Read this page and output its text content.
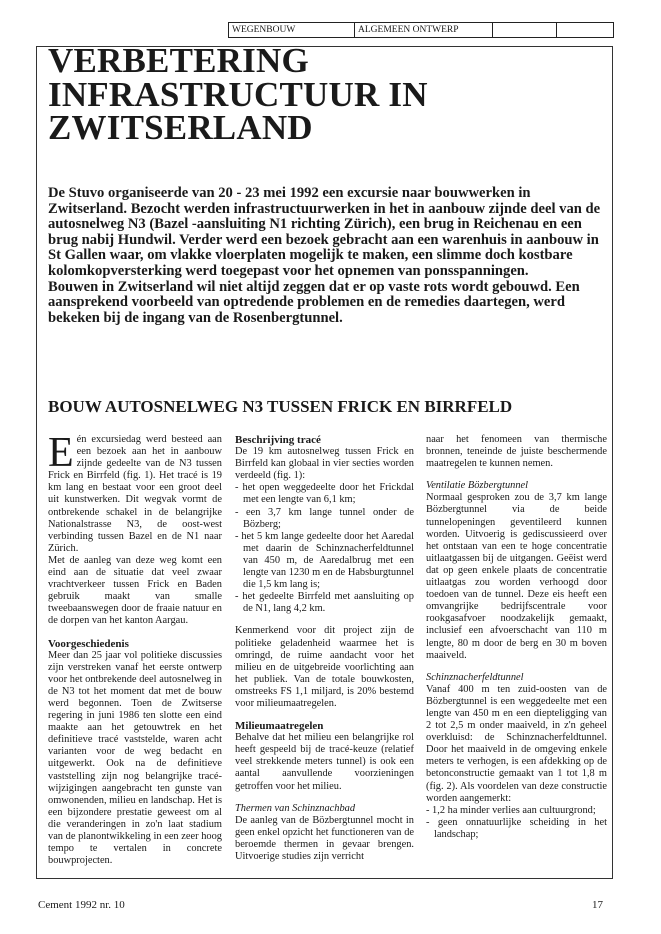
WEGENBOUW	ALGEMEEN ONTWERP
VERBETERING
INFRASTRUCTUUR IN
ZWITSERLAND

De Stuvo organiseerde van 20 - 23 mei 1992 een excursie naar bouwwerken in Zwitserland. Bezocht werden infrastructuurwerken in het in aanbouw zijnde deel van de autosnelweg N3 (Bazel -aansluiting N1 richting Zürich), een brug in Reichenau en een brug nabij Hundwil. Verder werd een bezoek gebracht aan een warenhuis in aanbouw in St Gallen waar, om vlakke vloerplaten mogelijk te maken, een slimme doch kostbare kolomkopversterking werd toegepast voor het opnemen van ponsspanningen.

Bouwen in Zwitserland wil niet altijd zeggen dat er op vaste rots wordt gebouwd. Een aansprekend voorbeeld van optredende problemen en de remedies daartegen, werd bekeken bij de ingang van de Rosenbergtunnel.

BOUW AUTOSNELWEG N3 TUSSEN FRICK EN BIRRFELD

E én excursiedag werd besteed aan een bezoek aan het in aanbouw zijnde gedeelte van de N3 tussen Frick en Birrfeld (fig. 1). Het tracé is 19 km lang en bestaat voor een groot deel uit kunstwerken. Dit wegvak vormt de ontbrekende schakel in de belangrijke Nationalstrasse N3, de oost-west verbinding tussen Bazel en de N1 naar Zürich.

Met de aanleg van deze weg komt een eind aan de situatie dat veel zwaar vrachtverkeer tussen Frick en Baden gebruik maakt van smalle tweebaanswegen door de fraaie natuur en de dorpen van het kanton Aargau.

Voorgeschiedenis

Meer dan 25 jaar vol politieke discussies zijn verstreken vanaf het eerste ontwerp voor het ontbrekende deel autosnelweg in de N3 tot het moment dat met de bouw werd begonnen. Toen de Zwitserse regering in juni 1986 ten slotte een eind maakte aan het getouwtrek en het definitieve tracé vaststelde, waren acht varianten voor de weg bedacht en uitgewerkt. Ook na de definitieve vaststelling zijn nog belangrijke tracé-wijzigingen aangebracht ten gunste van omwonenden, milieu en landschap. Het is een bijzondere prestatie geweest om al die veranderingen in zo'n laat stadium van de planontwikkeling in een zeer hoog tempo te vertalen in concrete bouwprojecten.

Beschrijving tracé

De 19 km autosnelweg tussen Frick en Birrfeld kan globaal in vier secties worden verdeeld (fig. 1):

- het open weggedeelte door het Frickdal met een lengte van 6,1 km;
- een 3,7 km lange tunnel onder de Bözberg;
- het 5 km lange gedeelte door het Aaredal met daarin de Schinznacherfeldtunnel van 450 m, de Aaredalbrug met een lengte van 1230 m en de Habsburgtunnel die 1,5 km lang is;
- het gedeelte Birrfeld met aansluiting op de N1, lang 4,2 km.

Kenmerkend voor dit project zijn de politieke geladenheid waarmee het is omringd, de ruime aandacht voor het milieu en de uitgebreide voorlichting aan het publiek. Van de totale bouwkosten, omstreeks FS 1,1 miljard, is 20% bestemd voor milieumaatregelen.

Milieumaatregelen

Behalve dat het milieu een belangrijke rol heeft gespeeld bij de tracé-keuze (relatief veel strekkende meters tunnel) is ook een aantal aanvullende voorzieningen getroffen voor het milieu.

Thermen van Schinznachbad

De aanleg van de Bözbergtunnel mocht in geen enkel opzicht het functioneren van de beroemde thermen in gevaar brengen. Uitvoerige studies zijn verricht

naar het fenomeen van thermische bronnen, teneinde de juiste beschermende maatregelen te kunnen nemen.

Ventilatie Bözbergtunnel

Normaal gesproken zou de 3,7 km lange Bözbergtunnel via de beide tunnelopeningen geventileerd kunnen worden. Uitvoerig is gediscussieerd over het ontstaan van een te hoge concentratie uitlaatgassen bij de uitgangen. Geëist werd dat op geen enkele plaats de concentratie uitlaatgas zou worden verhoogd door toedoen van de tunnel. Deze eis heeft een omvangrijke bedrijfscentrale voor rookgasafvoer noodzakelijk gemaakt, inclusief een afvoerschacht van 110 m lengte, 80 m door de berg en 30 m boven maaiveld.

Schinznacherfeldtunnel

Vanaf 400 m ten zuid-oosten van de Bözbergtunnel is een weggedeelte met een lengte van 450 m en een diepteligging van 2 tot 2,5 m onder maaiveld, in z'n geheel overkluisd: de Schinznacherfeldtunnel. Door het maaiveld in de omgeving enkele meters te verhogen, is een afdekking op de betonconstructie gemaakt van 1 tot 1,8 m (fig. 2). Als voordelen van deze constructie worden aangemerkt:

- 1,2 ha minder verlies aan cultuurgrond;
- geen onnatuurlijke scheiding in het landschap;
Cement 1992 nr. 10	17
